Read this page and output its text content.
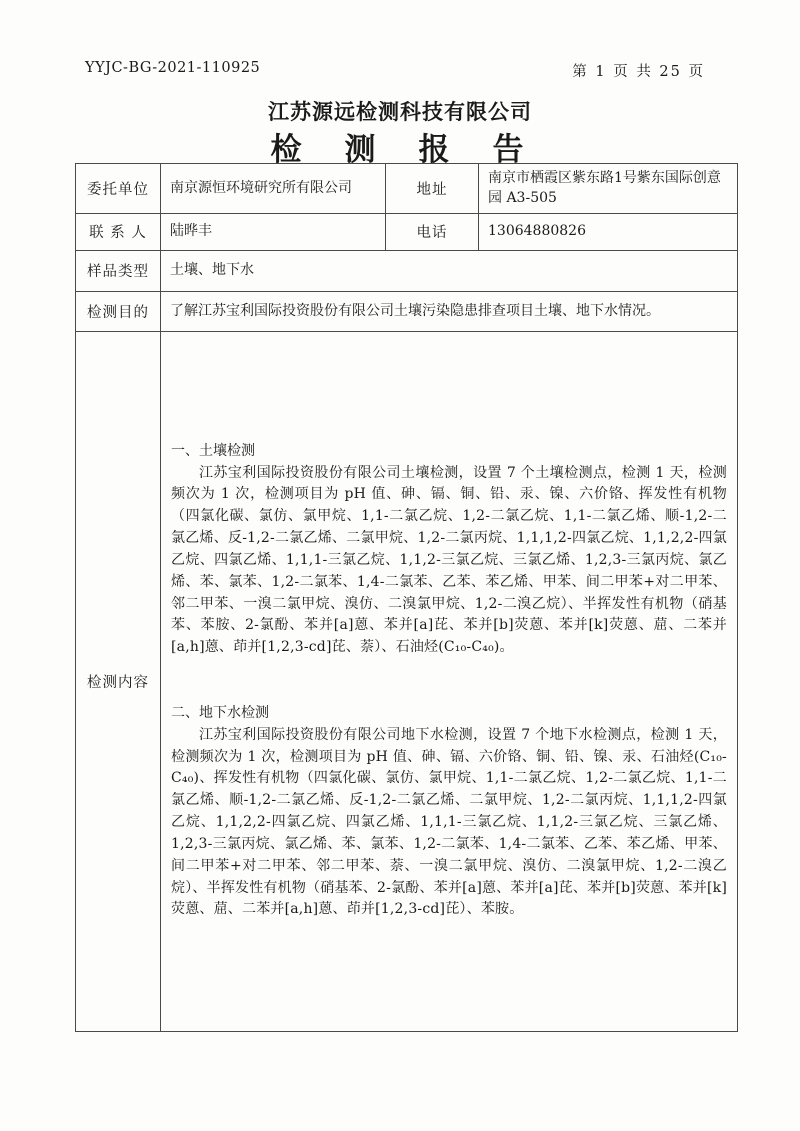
YYJC-BG-2021-110925	第 1 页 共 25 页
江苏源远检测科技有限公司
检　测　报　告
委托单位	南京源恒环境研究所有限公司	地址	南京市栖霞区紫东路1号紫东国际创意园 A3-505
联 系 人	陆晔丰	电话	13064880826
样品类型	土壤、地下水		
检测目的	了解江苏宝利国际投资股份有限公司土壤污染隐患排查项目土壤、地下水情况。		
检测内容	一、土壤检测
江苏宝利国际投资股份有限公司土壤检测，设置 7 个土壤检测点，检测 1 天，检测频次为 1 次，检测项目为 pH 值、砷、镉、铜、铅、汞、镍、六价铬、挥发性有机物（四氯化碳、氯仿、氯甲烷、1,1-二氯乙烷、1,2-二氯乙烷、1,1-二氯乙烯、顺-1,2-二氯乙烯、反-1,2-二氯乙烯、二氯甲烷、1,2-二氯丙烷、1,1,1,2-四氯乙烷、1,1,2,2-四氯乙烷、四氯乙烯、1,1,1-三氯乙烷、1,1,2-三氯乙烷、三氯乙烯、1,2,3-三氯丙烷、氯乙烯、苯、氯苯、1,2-二氯苯、1,4-二氯苯、乙苯、苯乙烯、甲苯、间二甲苯+对二甲苯、邻二甲苯、一溴二氯甲烷、溴仿、二溴氯甲烷、1,2-二溴乙烷）、半挥发性有机物（硝基苯、苯胺、2-氯酚、苯并[a]蒽、苯并[a]芘、苯并[b]荧蒽、苯并[k]荧蒽、䓛、二苯并[a,h]蒽、茚并[1,2,3-cd]芘、萘）、石油烃(C₁₀-C₄₀)。
二、地下水检测
江苏宝利国际投资股份有限公司地下水检测，设置 7 个地下水检测点，检测 1 天，检测频次为 1 次，检测项目为 pH 值、砷、镉、六价铬、铜、铅、镍、汞、石油烃(C₁₀-C₄₀)、挥发性有机物（四氯化碳、氯仿、氯甲烷、1,1-二氯乙烷、1,2-二氯乙烷、1,1-二氯乙烯、顺-1,2-二氯乙烯、反-1,2-二氯乙烯、二氯甲烷、1,2-二氯丙烷、1,1,1,2-四氯乙烷、1,1,2,2-四氯乙烷、四氯乙烯、1,1,1-三氯乙烷、1,1,2-三氯乙烷、三氯乙烯、1,2,3-三氯丙烷、氯乙烯、苯、氯苯、1,2-二氯苯、1,4-二氯苯、乙苯、苯乙烯、甲苯、间二甲苯+对二甲苯、邻二甲苯、萘、一溴二氯甲烷、溴仿、二溴氯甲烷、1,2-二溴乙烷）、半挥发性有机物（硝基苯、2-氯酚、苯并[a]蒽、苯并[a]芘、苯并[b]荧蒽、苯并[k]荧蒽、䓛、二苯并[a,h]蒽、茚并[1,2,3-cd]芘）、苯胺。		
